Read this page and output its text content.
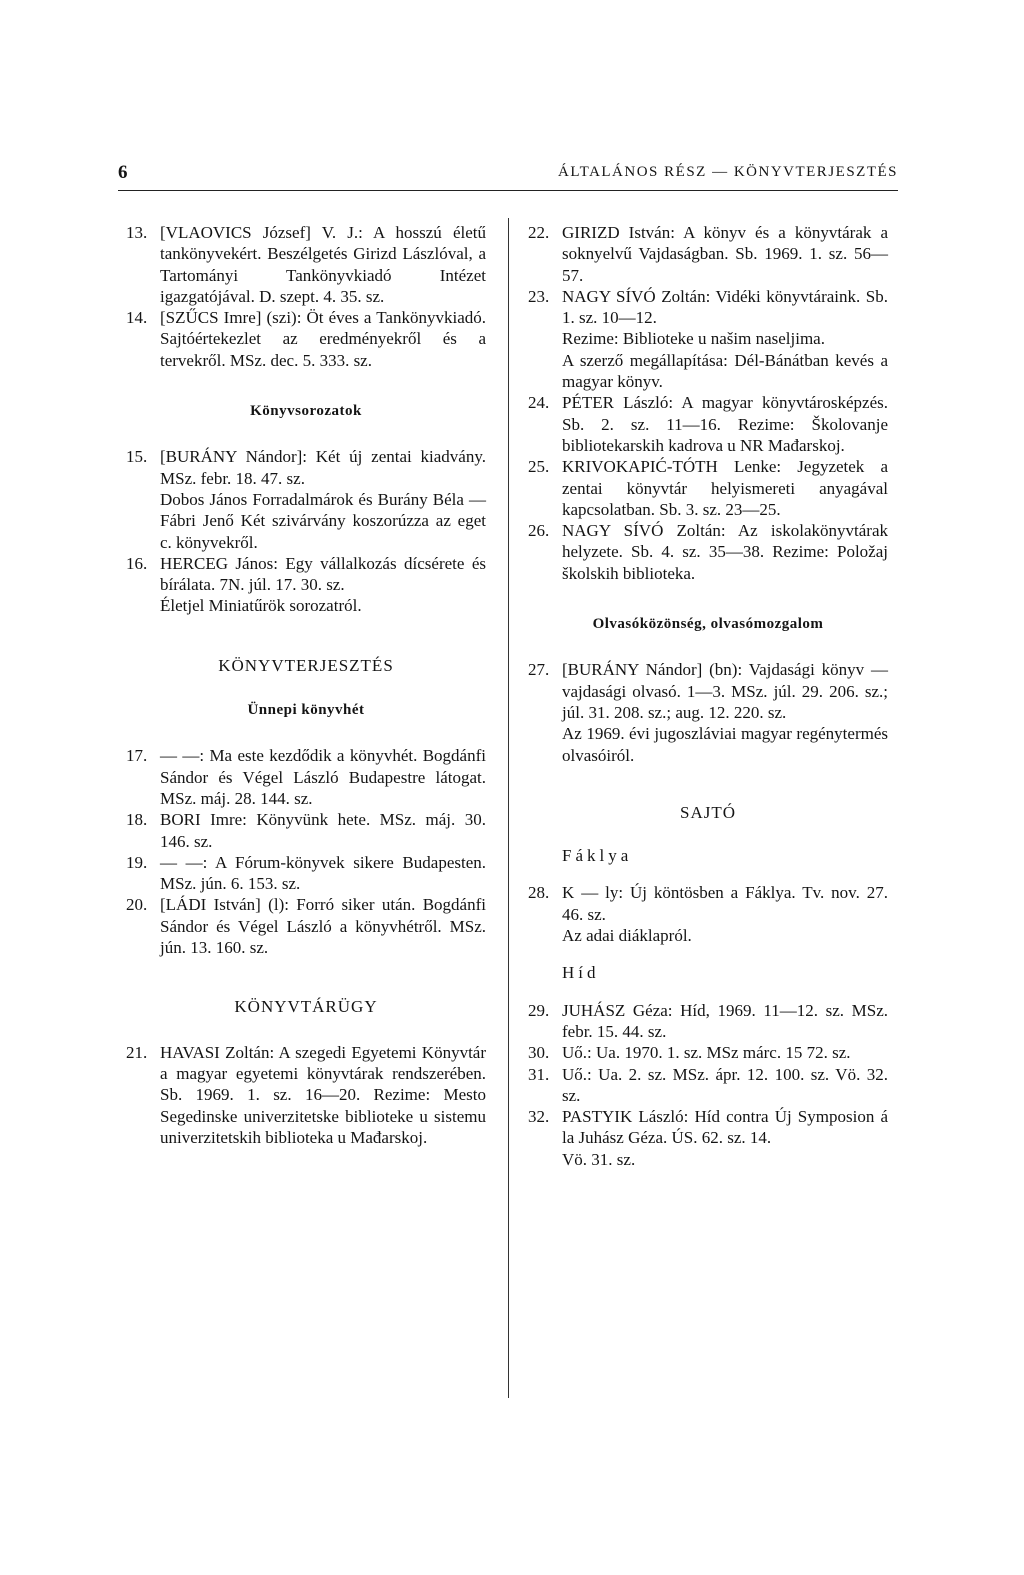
6	ÁLTALÁNOS RÉSZ — KÖNYVTERJESZTÉS
13. [VLAOVICS József] V. J.: A hosszú életű tankönyvekért. Beszélgetés Girizd Lászlóval, a Tartományi Tankönyvkiadó Intézet igazgatójával. D. szept. 4. 35. sz.
14. [SZŰCS Imre] (szi): Öt éves a Tankönyvkiadó. Sajtóértekezlet az eredményekről és a tervekről. MSz. dec. 5. 333. sz.
Könyvsorozatok
15. [BURÁNY Nándor]: Két új zentai kiadvány. MSz. febr. 18. 47. sz.
Dobos János Forradalmárok és Burány Béla — Fábri Jenő Két szivárvány koszorúzza az eget c. könyvekről.
16. HERCEG János: Egy vállalkozás dícsérete és bírálata. 7N. júl. 17. 30. sz.
Életjel Miniatűrök sorozatról.
KÖNYVTERJESZTÉS
Ünnepi könyvhét
17. — —: Ma este kezdődik a könyvhét. Bogdánfi Sándor és Végel László Budapestre látogat. MSz. máj. 28. 144. sz.
18. BORI Imre: Könyvünk hete. MSz. máj. 30. 146. sz.
19. — —: A Fórum-könyvek sikere Budapesten. MSz. jún. 6. 153. sz.
20. [LÁDI István] (l): Forró siker után. Bogdánfi Sándor és Végel László a könyvhétről. MSz. jún. 13. 160. sz.
KÖNYVTÁRÜGY
21. HAVASI Zoltán: A szegedi Egyetemi Könyvtár a magyar egyetemi könyvtárak rendszerében. Sb. 1969. 1. sz. 16—20. Rezime: Mesto Segedinske univerzitetske biblioteke u sistemu univerzitetskih biblioteka u Mađarskoj.
22. GIRIZD István: A könyv és a könyvtárak a soknyelvű Vajdaságban. Sb. 1969. 1. sz. 56—57.
23. NAGY SÍVÓ Zoltán: Vidéki könyvtáraink. Sb. 1. sz. 10—12.
Rezime: Biblioteke u našim naseljima.
A szerző megállapítása: Dél-Bánátban kevés a magyar könyv.
24. PÉTER László: A magyar könyvtárosképzés. Sb. 2. sz. 11—16. Rezime: Školovanje bibliotekarskih kadrova u NR Mađarskoj.
25. KRIVOKAPIĆ-TÓTH Lenke: Jegyzetek a zentai könyvtár helyismereti anyagával kapcsolatban. Sb. 3. sz. 23—25.
26. NAGY SÍVÓ Zoltán: Az iskolakönyvtárak helyzete. Sb. 4. sz. 35—38. Rezime: Položaj školskih biblioteka.
Olvasóközönség, olvasómozgalom
27. [BURÁNY Nándor] (bn): Vajdasági könyv — vajdasági olvasó. 1—3. MSz. júl. 29. 206. sz.; júl. 31. 208. sz.; aug. 12. 220. sz.
Az 1969. évi jugoszláviai magyar regénytermés olvasóiról.
SAJTÓ
Fáklya
28. K — ly: Új köntösben a Fáklya. Tv. nov. 27. 46. sz.
Az adai diáklapról.
Híd
29. JUHÁSZ Géza: Híd, 1969. 11—12. sz. MSz. febr. 15. 44. sz.
30. Uő.: Ua. 1970. 1. sz. MSz márc. 15 72. sz.
31. Uő.: Ua. 2. sz. MSz. ápr. 12. 100. sz. Vö. 32. sz.
32. PASTYIK László: Híd contra Új Symposion á la Juhász Géza. ÚS. 62. sz. 14.
Vö. 31. sz.
